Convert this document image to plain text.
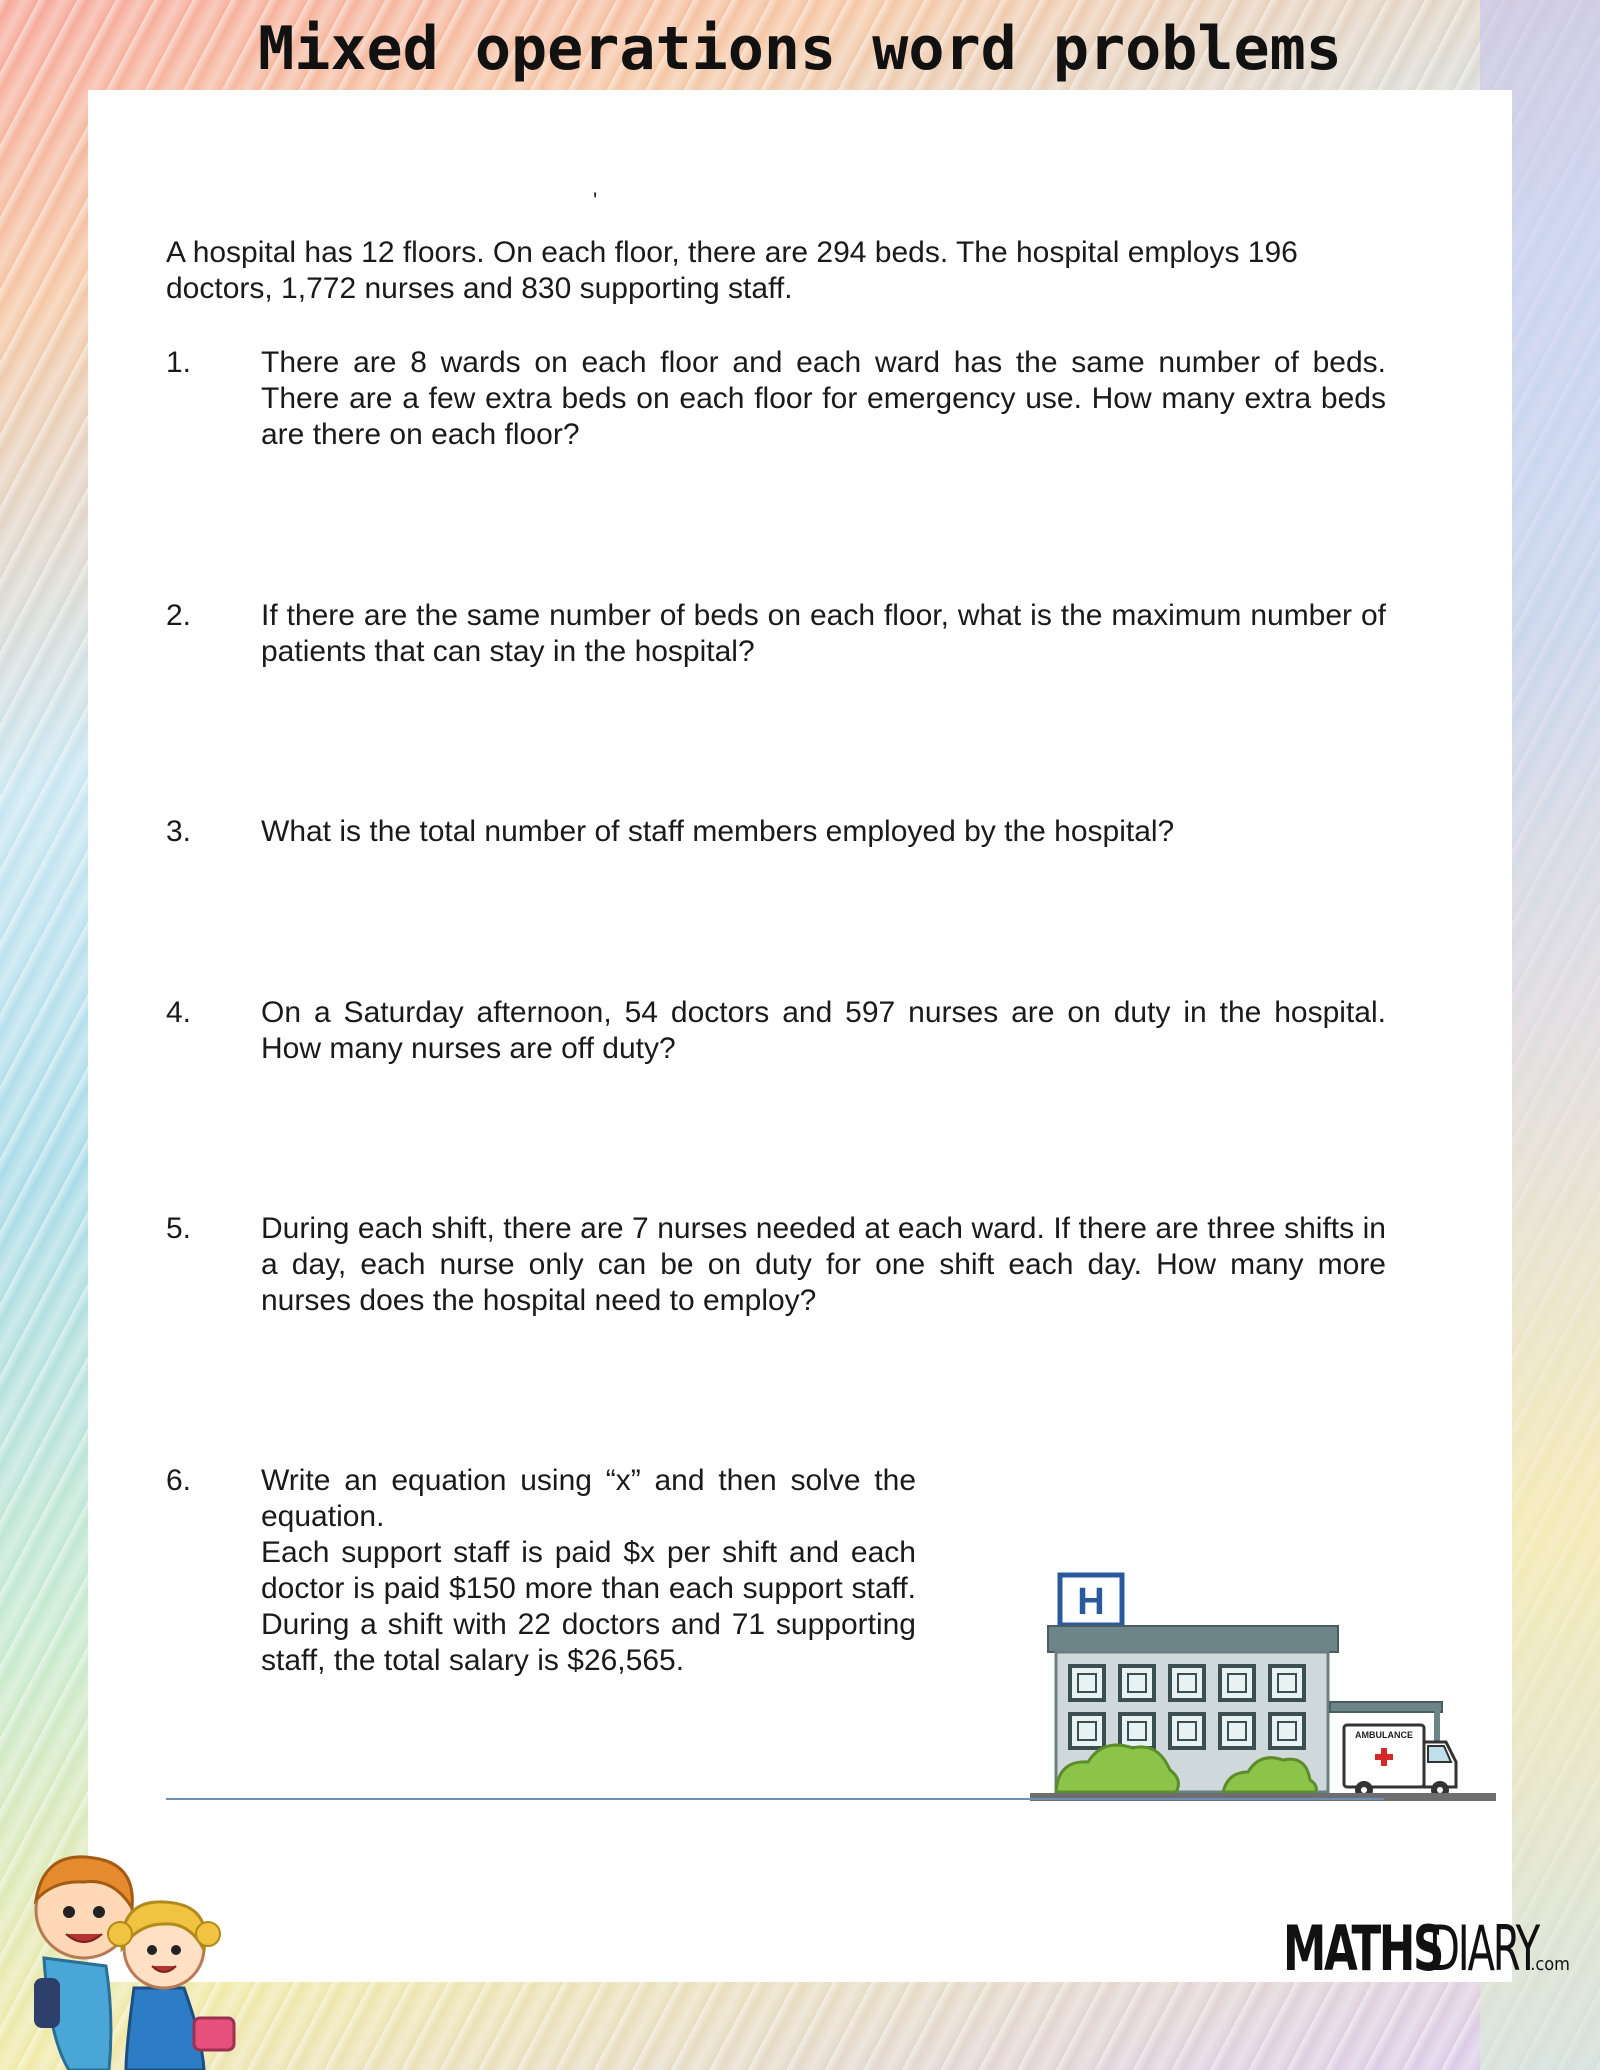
Mixed operations word problems
'
A hospital has 12 floors. On each floor, there are 294 beds. The hospital employs 196 doctors, 1,772 nurses and 830 supporting staff.
1.	There are 8 wards on each floor and each ward has the same number of beds. There are a few extra beds on each floor for emergency use. How many extra beds are there on each floor?
2.	If there are the same number of beds on each floor, what is the maximum number of patients that can stay in the hospital?
3.	What is the total number of staff members employed by the hospital?
4.	On a Saturday afternoon, 54 doctors and 597 nurses are on duty in the hospital. How many nurses are off duty?
5.	During each shift, there are 7 nurses needed at each ward. If there are three shifts in a day, each nurse only can be on duty for one shift each day. How many more nurses does the hospital need to employ?
6.	Write an equation using “x” and then solve the equation.
Each support staff is paid $x per shift and each doctor is paid $150 more than each support staff. During a shift with 22 doctors and 71 supporting staff, the total salary is $26,565.
H
AMBULANCE
MATHS
DIARY
.com
